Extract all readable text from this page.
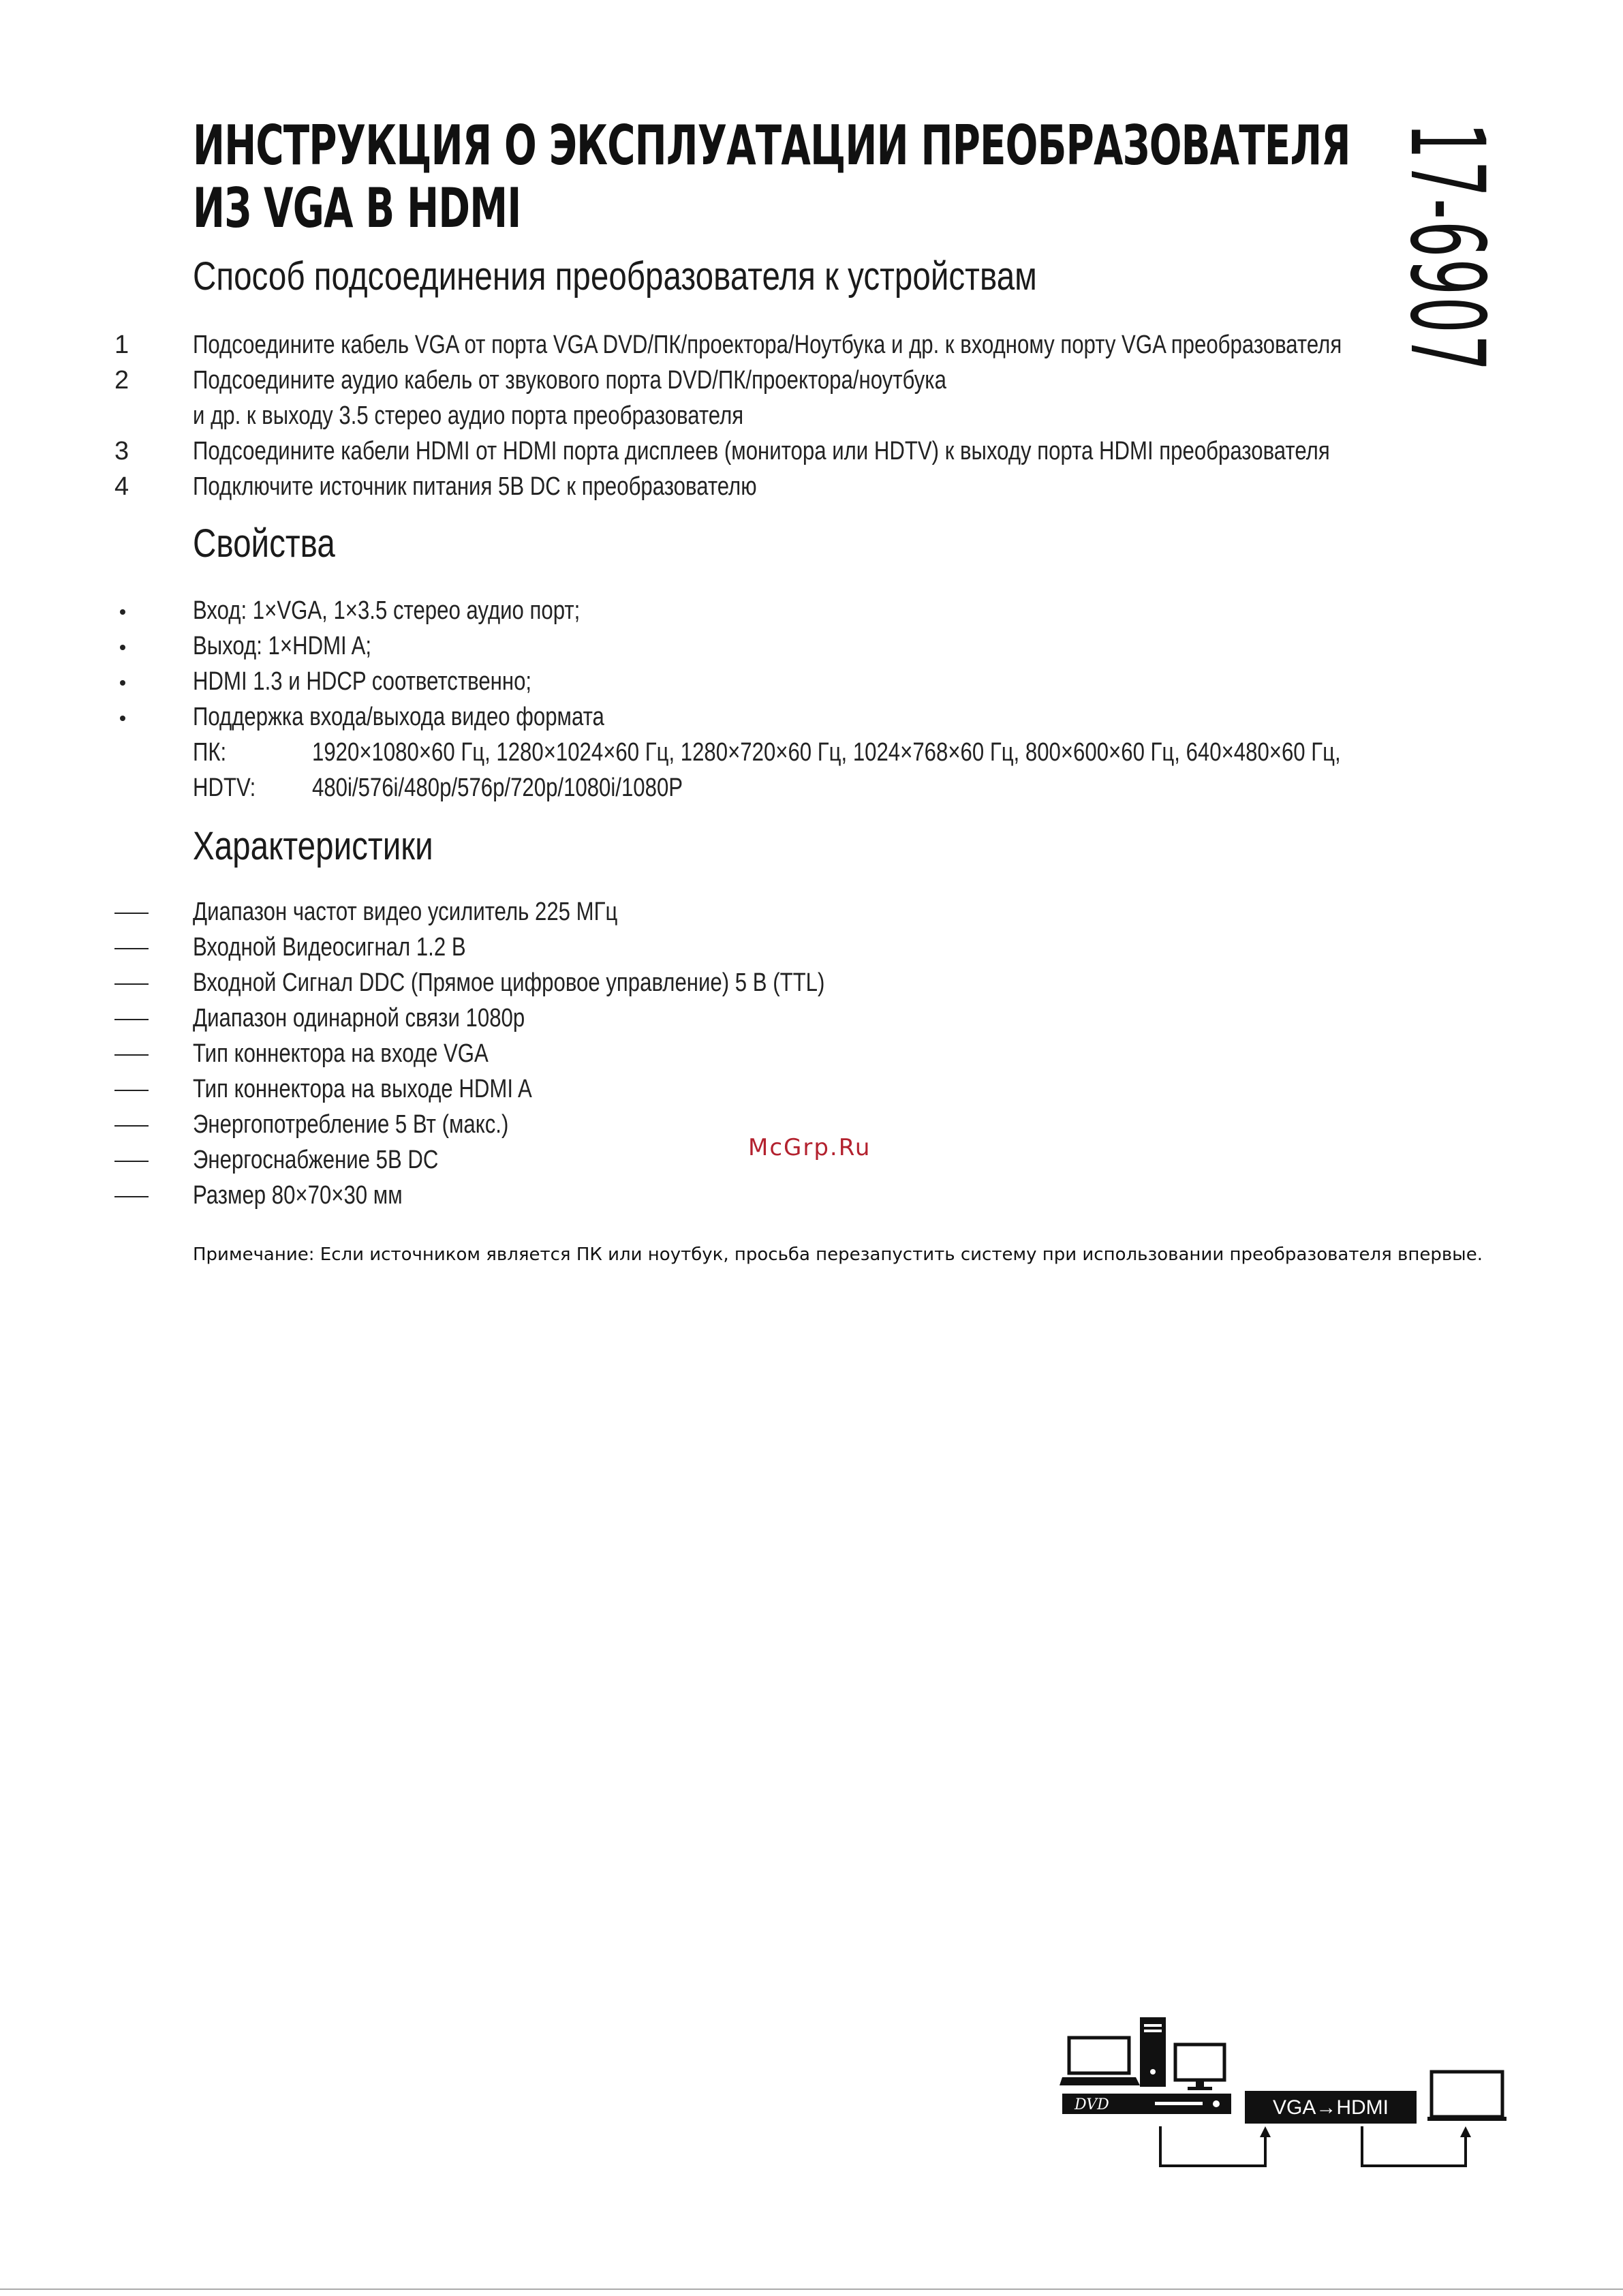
ИНСТРУКЦИЯ О ЭКСПЛУАТАЦИИ ПРЕОБРАЗОВАТЕЛЯ
ИЗ VGA В HDMI	17-6907
Способ подсоединения преобразователя к устройствам
1 Подсоедините кабель VGA от порта VGA DVD/ПК/проектора/Ноутбука и др. к входному порту VGA преобразователя
2 Подсоедините аудио кабель от звукового порта DVD/ПК/проектора/ноутбука
и др. к выходу 3.5 стерео аудио порта преобразователя
3 Подсоедините кабели HDMI от HDMI порта дисплеев (монитора или HDTV) к выходу порта HDMI преобразователя
4 Подключите источник питания 5В DC к преобразователю
Свойства
Вход: 1×VGA, 1×3.5 стерео аудио порт;
Выход: 1×HDMI A;
HDMI 1.3 и HDCP соответственно;
Поддержка входа/выхода видео формата
ПК:	1920×1080×60 Гц, 1280×1024×60 Гц, 1280×720×60 Гц, 1024×768×60 Гц, 800×600×60 Гц, 640×480×60 Гц,
HDTV: 480i/576i/480p/576p/720p/1080i/1080P
Характеристики
Диапазон частот видео усилитель 225 МГц
Входной Видеосигнал 1.2 В
Входной Сигнал DDC (Прямое цифровое управление) 5 В (TTL)
Диапазон одинарной связи 1080p
Тип коннектора на входе VGA
Тип коннектора на выходе HDMI A
Энергопотребление 5 Вт (макс.)
Энергоснабжение 5В DC
Размер 80×70×30 мм
Примечание: Если источником является ПК или ноутбук, просьба перезапустить систему при использовании преобразователя впервые.
McGrp.Ru
DVD	VGA→HDMI
